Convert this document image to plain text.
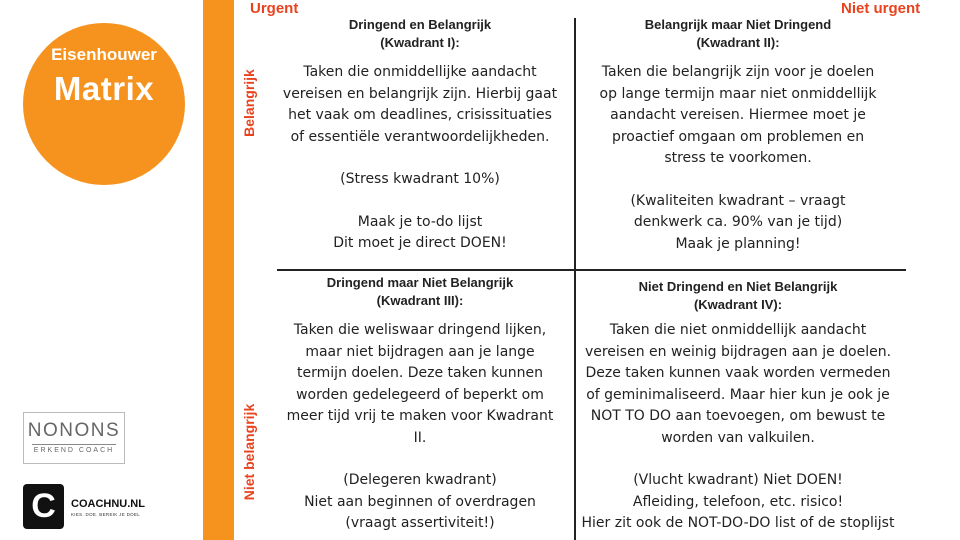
Eisenhouwer
Matrix
NONONS
ERKEND COACH
C	COACHNU.NL
KIES. DOE. BEREIK JE DOEL
Urgent	Niet urgent
Belangrijk
Niet belangrijk
Dringend en Belangrijk
(Kwadrant I):
Taken die onmiddellijke aandacht
vereisen en belangrijk zijn. Hierbij gaat
het vaak om deadlines, crisissituaties
of essentiële verantwoordelijkheden.
(Stress kwadrant 10%)
Maak je to-do lijst
Dit moet je direct DOEN!
Belangrijk maar Niet Dringend
(Kwadrant II):
Taken die belangrijk zijn voor je doelen
op lange termijn maar niet onmiddellijk
aandacht vereisen. Hiermee moet je
proactief omgaan om problemen en
stress te voorkomen.
(Kwaliteiten kwadrant – vraagt
denkwerk ca. 90% van je tijd)
Maak je planning!
Dringend maar Niet Belangrijk
(Kwadrant III):
Taken die weliswaar dringend lijken,
maar niet bijdragen aan je lange
termijn doelen. Deze taken kunnen
worden gedelegeerd of beperkt om
meer tijd vrij te maken voor Kwadrant
II.
(Delegeren kwadrant)
Niet aan beginnen of overdragen
(vraagt assertiviteit!)
Niet Dringend en Niet Belangrijk
(Kwadrant IV):
Taken die niet onmiddellijk aandacht
vereisen en weinig bijdragen aan je doelen.
Deze taken kunnen vaak worden vermeden
of geminimaliseerd. Maar hier kun je ook je
NOT TO DO aan toevoegen, om bewust te
worden van valkuilen.
(Vlucht kwadrant) Niet DOEN!
Afleiding, telefoon, etc. risico!
Hier zit ook de NOT-DO-DO list of de stoplijst
